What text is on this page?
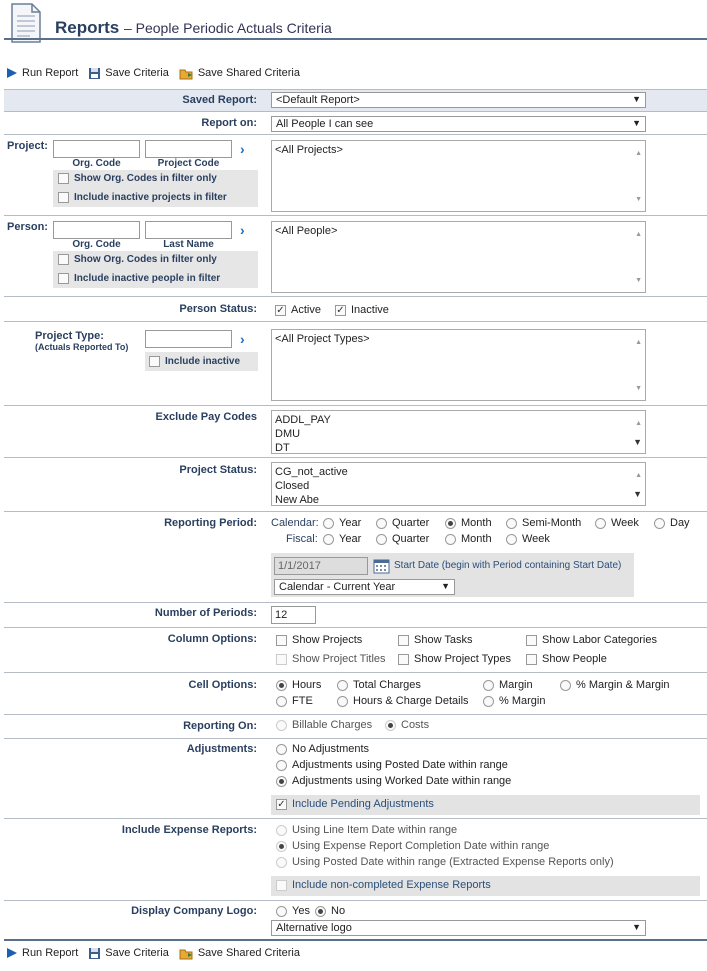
Reports – People Periodic Actuals Criteria
Run Report Save Criteria	Save Shared Criteria
Saved Report:	<Default Report>	▼
Report on:	All People I can see	▼
Project:	›
Org. Code	Project Code
Show Org. Codes in filter only
Include inactive projects in filter
<All Projects>	▲
▼
Person:	›
Org. Code	Last Name
Show Org. Codes in filter only
Include inactive people in filter
<All People>	▲
▼
Person Status: ✓ Active ✓ Inactive
Project Type:
(Actuals Reported To)	›
Include inactive
<All Project Types>	▲
▼
Exclude Pay Codes ADDL_PAY
DMU
DT
▲
▼
Project Status: CG_not_active
Closed
New Abe
▲
▼
Reporting Period: Calendar: Year	Quarter	Month	Semi-Month	Week	Day
Fiscal: Year	Quarter	Month	Week
1/1/2017	Start Date (begin with Period containing Start Date)
Calendar - Current Year	▼
Number of Periods:	12
Column Options:	Show Projects	Show Tasks	Show Labor Categories
Show Project Titles	Show Project Types	Show People
Cell Options:	Hours	Total Charges	Margin	% Margin & Margin
FTE	Hours & Charge Details	% Margin
Reporting On:	Billable Charges	Costs
Adjustments:	No Adjustments
Adjustments using Posted Date within range
Adjustments using Worked Date within range
✓ Include Pending Adjustments
Include Expense Reports:	Using Line Item Date within range
Using Expense Report Completion Date within range
Using Posted Date within range (Extracted Expense Reports only)
Include non-completed Expense Reports
Display Company Logo:	Yes No
Alternative logo	▼
Run Report Save Criteria	Save Shared Criteria
